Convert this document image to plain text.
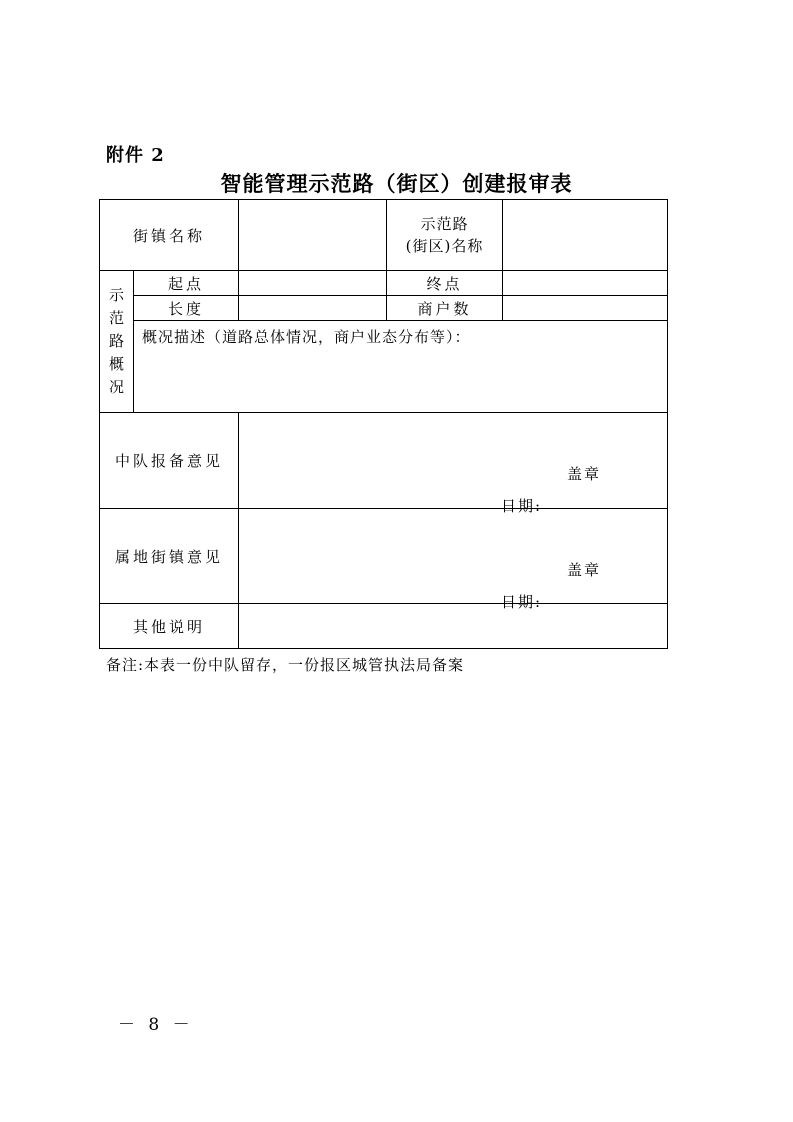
附件 2
智能管理示范路（街区）创建报审表
街镇名称			示范路
(街区)名称	

示
范
路
概
况	起点		终点	
	长度		商户数	
	概况描述（道路总体情况，商户业态分布等）：			
中队报备意见		盖章
日期:		

属地街镇意见		盖章
日期:		

其他说明				
备注:本表一份中队留存，一份报区城管执法局备案
－ 8 －
